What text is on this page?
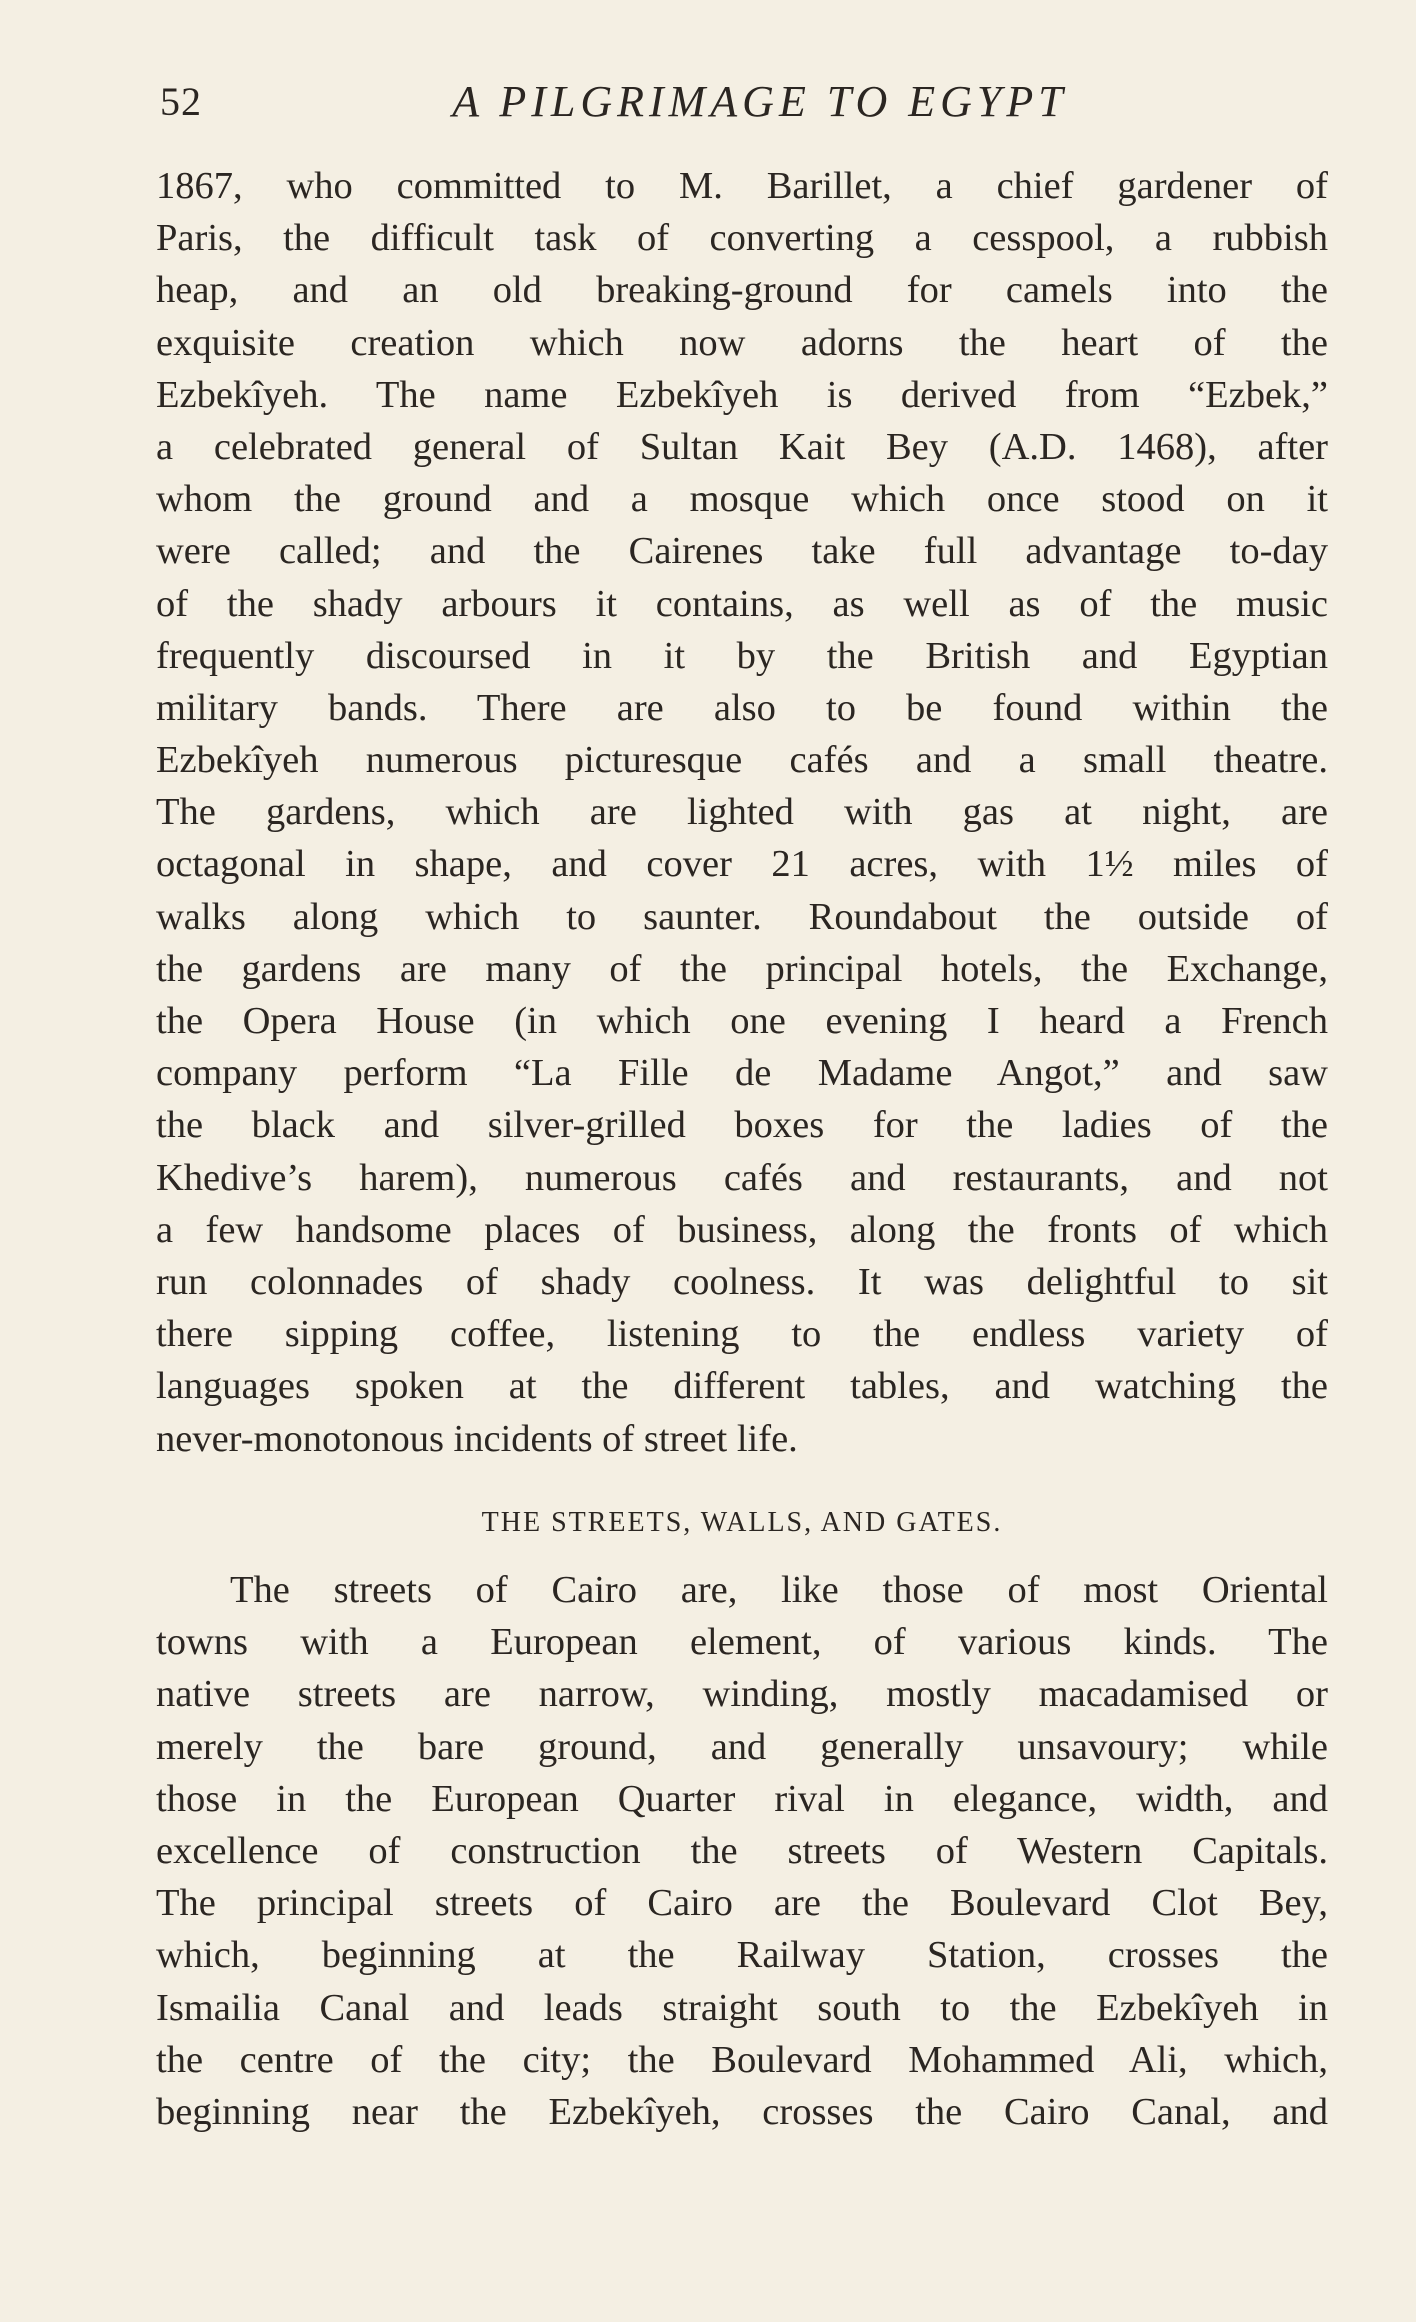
52	A PILGRIMAGE TO EGYPT
1867, who committed to M. Barillet, a chief gardener of
Paris, the difficult task of converting a cesspool, a rubbish
heap, and an old breaking-ground for camels into the
exquisite creation which now adorns the heart of the
Ezbekîyeh. The name Ezbekîyeh is derived from “Ezbek,”
a celebrated general of Sultan Kait Bey (A.D. 1468), after
whom the ground and a mosque which once stood on it
were called; and the Cairenes take full advantage to-day
of the shady arbours it contains, as well as of the music
frequently discoursed in it by the British and Egyptian
military bands. There are also to be found within the
Ezbekîyeh numerous picturesque cafés and a small theatre.
The gardens, which are lighted with gas at night, are
octagonal in shape, and cover 21 acres, with 1½ miles of
walks along which to saunter. Roundabout the outside of
the gardens are many of the principal hotels, the Exchange,
the Opera House (in which one evening I heard a French
company perform “La Fille de Madame Angot,” and saw
the black and silver-grilled boxes for the ladies of the
Khedive’s harem), numerous cafés and restaurants, and not
a few handsome places of business, along the fronts of which
run colonnades of shady coolness. It was delightful to sit
there sipping coffee, listening to the endless variety of
languages spoken at the different tables, and watching the
never-monotonous incidents of street life.
THE STREETS, WALLS, AND GATES.
The streets of Cairo are, like those of most Oriental
towns with a European element, of various kinds. The
native streets are narrow, winding, mostly macadamised or
merely the bare ground, and generally unsavoury; while
those in the European Quarter rival in elegance, width, and
excellence of construction the streets of Western Capitals.
The principal streets of Cairo are the Boulevard Clot Bey,
which, beginning at the Railway Station, crosses the
Ismailia Canal and leads straight south to the Ezbekîyeh in
the centre of the city; the Boulevard Mohammed Ali, which,
beginning near the Ezbekîyeh, crosses the Cairo Canal, and
